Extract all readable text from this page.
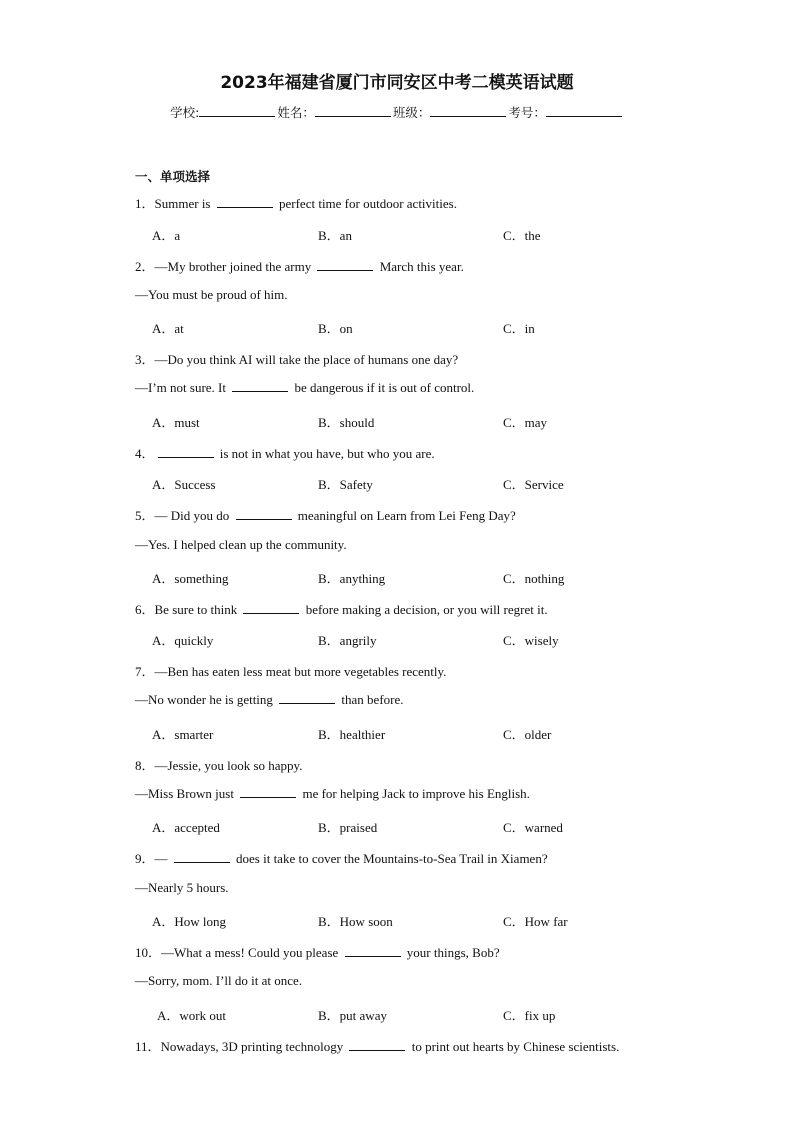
2023年福建省厦门市同安区中考二模英语试题
学校:	姓名：	班级：	考号：
一、单项选择
1．Summer is	perfect time for outdoor activities.
A．a	B．an	C．the
2．—My brother joined the army	March this year.
—You must be proud of him.
A．at	B．on	C．in
3．—Do you think AI will take the place of humans one day?
—I’m not sure. It	be dangerous if it is out of control.
A．must	B．should	C．may
4．	is not in what you have, but who you are.
A．Success	B．Safety	C．Service
5．— Did you do	meaningful on Learn from Lei Feng Day?
—Yes. I helped clean up the community.
A．something	B．anything	C．nothing
6．Be sure to think	before making a decision, or you will regret it.
A．quickly	B．angrily	C．wisely
7．—Ben has eaten less meat but more vegetables recently.
—No wonder he is getting	than before.
A．smarter	B．healthier	C．older
8．—Jessie, you look so happy.
—Miss Brown just	me for helping Jack to improve his English.
A．accepted	B．praised	C．warned
9．—	does it take to cover the Mountains-to-Sea Trail in Xiamen?
—Nearly 5 hours.
A．How long	B．How soon	C．How far
10．—What a mess! Could you please	your things, Bob?
—Sorry, mom. I’ll do it at once.
A．work out	B．put away	C．fix up
11．Nowadays, 3D printing technology	to print out hearts by Chinese scientists.
